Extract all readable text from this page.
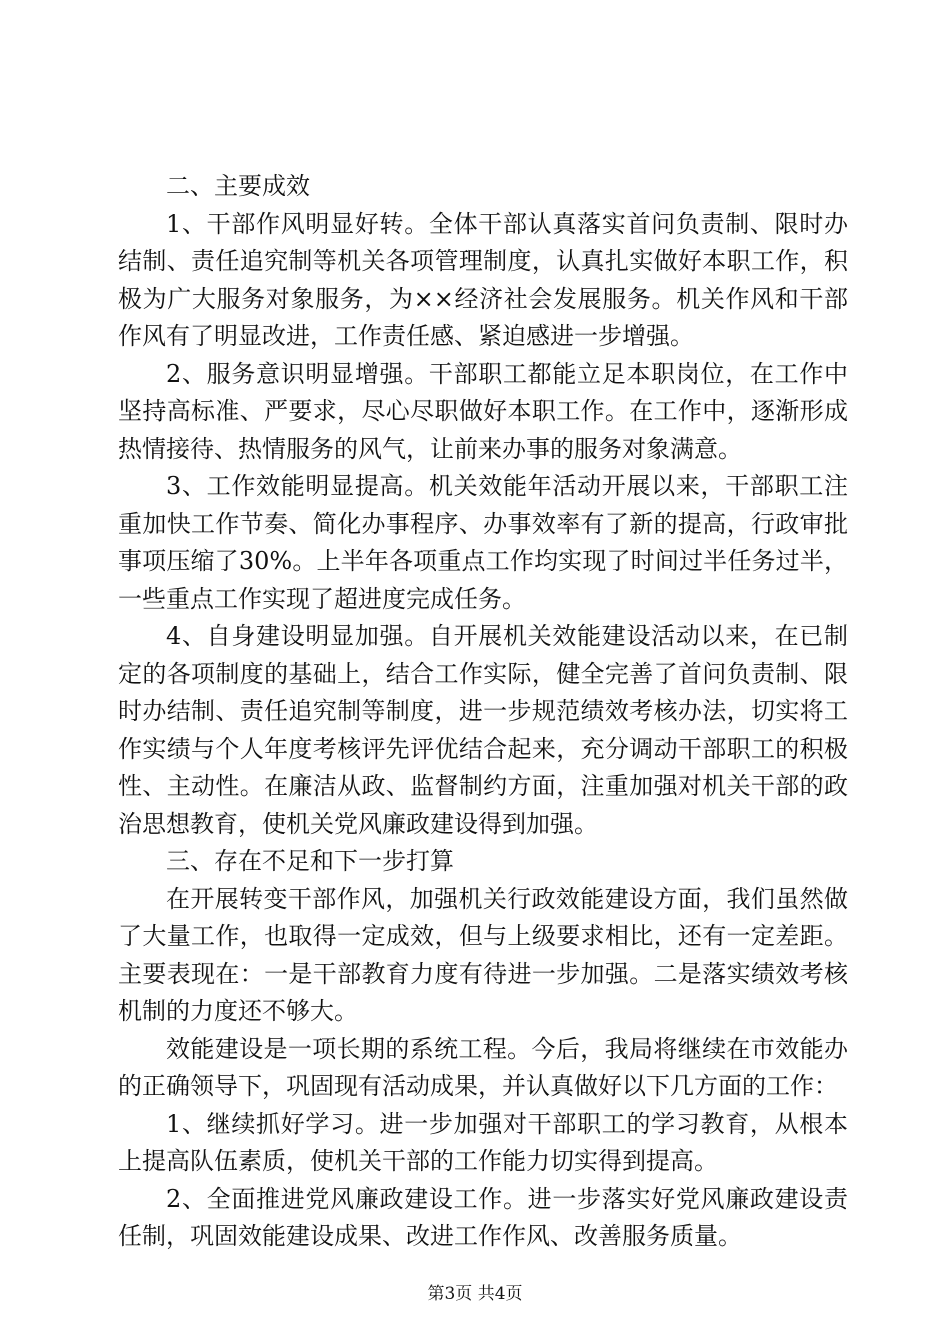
二、主要成效

1、干部作风明显好转。全体干部认真落实首问负责制、限时办结制、责任追究制等机关各项管理制度，认真扎实做好本职工作，积极为广大服务对象服务，为××经济社会发展服务。机关作风和干部作风有了明显改进，工作责任感、紧迫感进一步增强。

2、服务意识明显增强。干部职工都能立足本职岗位，在工作中坚持高标准、严要求，尽心尽职做好本职工作。在工作中，逐渐形成热情接待、热情服务的风气，让前来办事的服务对象满意。

3、工作效能明显提高。机关效能年活动开展以来，干部职工注重加快工作节奏、简化办事程序、办事效率有了新的提高，行政审批事项压缩了30%。上半年各项重点工作均实现了时间过半任务过半，一些重点工作实现了超进度完成任务。

4、自身建设明显加强。自开展机关效能建设活动以来，在已制定的各项制度的基础上，结合工作实际，健全完善了首问负责制、限时办结制、责任追究制等制度，进一步规范绩效考核办法，切实将工作实绩与个人年度考核评先评优结合起来，充分调动干部职工的积极性、主动性。在廉洁从政、监督制约方面，注重加强对机关干部的政治思想教育，使机关党风廉政建设得到加强。

三、存在不足和下一步打算

在开展转变干部作风，加强机关行政效能建设方面，我们虽然做了大量工作，也取得一定成效，但与上级要求相比，还有一定差距。主要表现在：一是干部教育力度有待进一步加强。二是落实绩效考核机制的力度还不够大。

效能建设是一项长期的系统工程。今后，我局将继续在市效能办的正确领导下，巩固现有活动成果，并认真做好以下几方面的工作：

1、继续抓好学习。进一步加强对干部职工的学习教育，从根本上提高队伍素质，使机关干部的工作能力切实得到提高。

2、全面推进党风廉政建设工作。进一步落实好党风廉政建设责任制，巩固效能建设成果、改进工作作风、改善服务质量。

第3页 共4页
